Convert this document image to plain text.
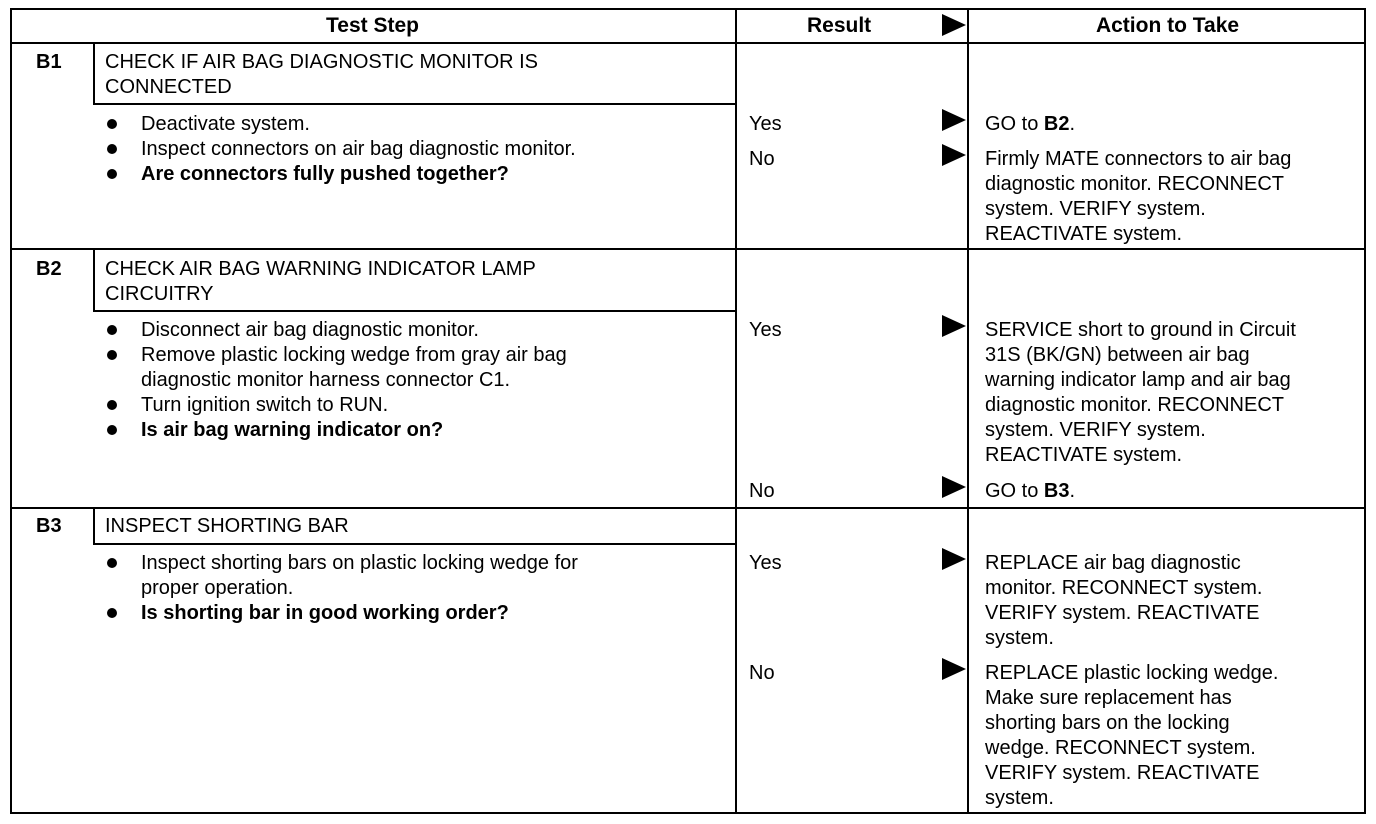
Test Step	Result	Action to Take
B1 CHECK IF AIR BAG DIAGNOSTIC MONITOR IS
CONNECTED
Deactivate system.
Inspect connectors on air bag diagnostic monitor.
Are connectors fully pushed together?
Yes	GO to B2.
No	Firmly MATE connectors to air bag
diagnostic monitor. RECONNECT
system. VERIFY system.
REACTIVATE system.
B2 CHECK AIR BAG WARNING INDICATOR LAMP
CIRCUITRY
Disconnect air bag diagnostic monitor.
Remove plastic locking wedge from gray air bag
diagnostic monitor harness connector C1.
Turn ignition switch to RUN.
Is air bag warning indicator on?
Yes	SERVICE short to ground in Circuit
31S (BK/GN) between air bag
warning indicator lamp and air bag
diagnostic monitor. RECONNECT
system. VERIFY system.
REACTIVATE system.
No	GO to B3.
B3 INSPECT SHORTING BAR
Inspect shorting bars on plastic locking wedge for
proper operation.
Is shorting bar in good working order?
Yes	REPLACE air bag diagnostic
monitor. RECONNECT system.
VERIFY system. REACTIVATE
system.
No	REPLACE plastic locking wedge.
Make sure replacement has
shorting bars on the locking
wedge. RECONNECT system.
VERIFY system. REACTIVATE
system.
